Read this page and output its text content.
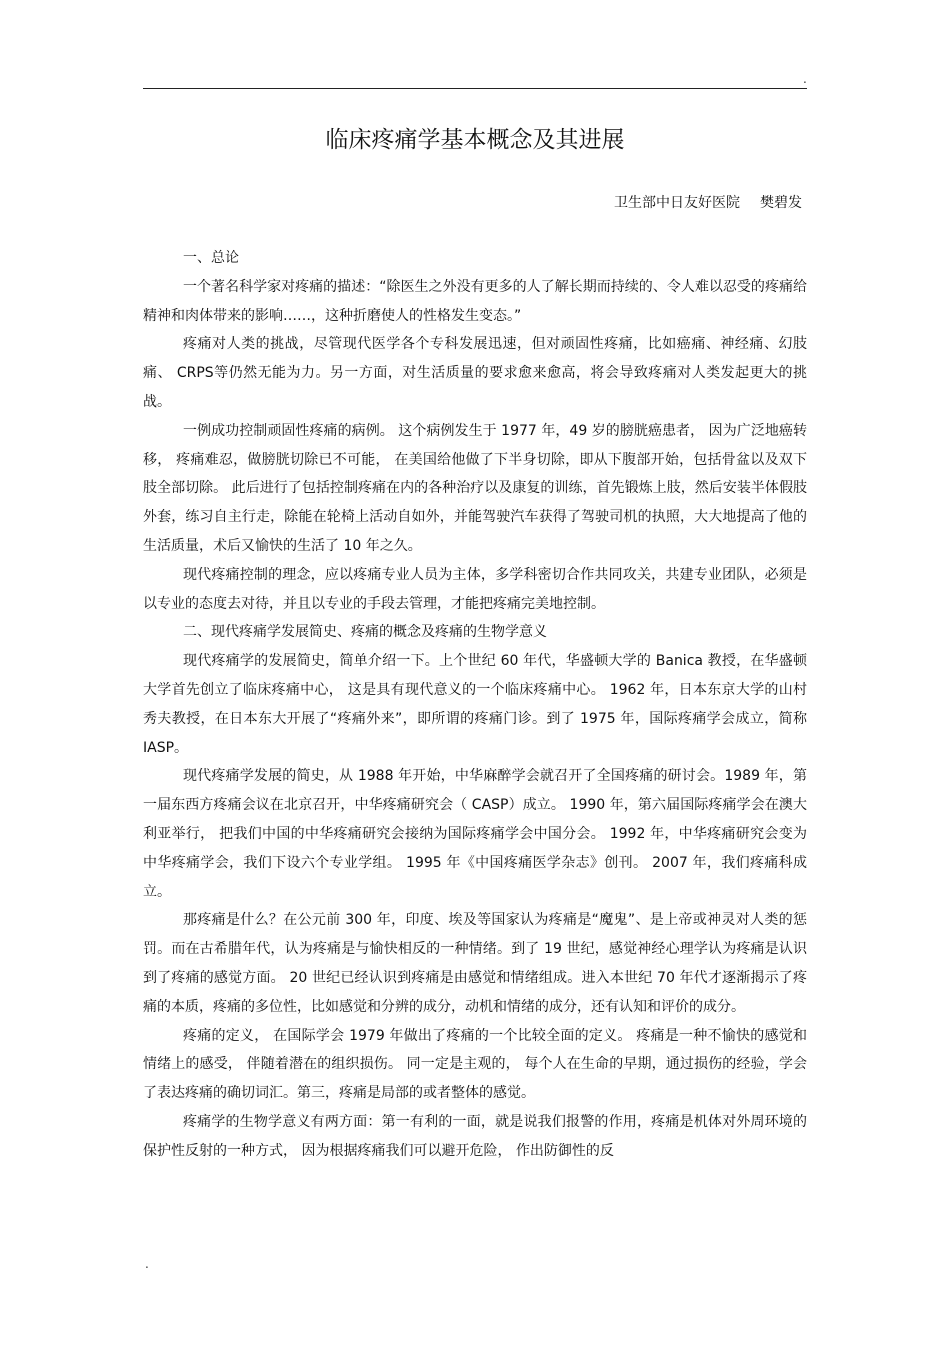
.
临床疼痛学基本概念及其进展
卫生部中日友好医院 樊碧发

一、总论

一个著名科学家对疼痛的描述：“除医生之外没有更多的人了解长期而持续的、令人难以忍受的疼痛给精神和肉体带来的影响……，这种折磨使人的性格发生变态。”

疼痛对人类的挑战，尽管现代医学各个专科发展迅速，但对顽固性疼痛，比如癌痛、神经痛、幻肢痛、 CRPS等仍然无能为力。另一方面，对生活质量的要求愈来愈高，将会导致疼痛对人类发起更大的挑战。

一例成功控制顽固性疼痛的病例。 这个病例发生于 1977 年，49 岁的膀胱癌患者， 因为广泛地癌转移， 疼痛难忍，做膀胱切除已不可能， 在美国给他做了下半身切除，即从下腹部开始，包括骨盆以及双下肢全部切除。 此后进行了包括控制疼痛在内的各种治疗以及康复的训练，首先锻炼上肢，然后安装半体假肢外套，练习自主行走，除能在轮椅上活动自如外，并能驾驶汽车获得了驾驶司机的执照，大大地提高了他的生活质量，术后又愉快的生活了 10 年之久。

现代疼痛控制的理念，应以疼痛专业人员为主体，多学科密切合作共同攻关，共建专业团队，必须是以专业的态度去对待，并且以专业的手段去管理，才能把疼痛完美地控制。

二、现代疼痛学发展简史、疼痛的概念及疼痛的生物学意义

现代疼痛学的发展简史，简单介绍一下。上个世纪 60 年代，华盛顿大学的 Banica 教授，在华盛顿大学首先创立了临床疼痛中心， 这是具有现代意义的一个临床疼痛中心。 1962 年，日本东京大学的山村秀夫教授，在日本东大开展了“疼痛外来”，即所谓的疼痛门诊。到了 1975 年，国际疼痛学会成立，简称 IASP。

现代疼痛学发展的简史，从 1988 年开始，中华麻醉学会就召开了全国疼痛的研讨会。1989 年，第一届东西方疼痛会议在北京召开，中华疼痛研究会（ CASP）成立。 1990 年，第六届国际疼痛学会在澳大利亚举行， 把我们中国的中华疼痛研究会接纳为国际疼痛学会中国分会。 1992 年，中华疼痛研究会变为中华疼痛学会，我们下设六个专业学组。 1995 年《中国疼痛医学杂志》创刊。 2007 年，我们疼痛科成立。

那疼痛是什么？在公元前 300 年，印度、埃及等国家认为疼痛是“魔鬼”、是上帝或神灵对人类的惩罚。而在古希腊年代，认为疼痛是与愉快相反的一种情绪。到了 19 世纪，感觉神经心理学认为疼痛是认识到了疼痛的感觉方面。 20 世纪已经认识到疼痛是由感觉和情绪组成。进入本世纪 70 年代才逐渐揭示了疼痛的本质，疼痛的多位性，比如感觉和分辨的成分，动机和情绪的成分，还有认知和评价的成分。

疼痛的定义， 在国际学会 1979 年做出了疼痛的一个比较全面的定义。 疼痛是一种不愉快的感觉和情绪上的感受， 伴随着潜在的组织损伤。 同一定是主观的， 每个人在生命的早期，通过损伤的经验，学会了表达疼痛的确切词汇。第三，疼痛是局部的或者整体的感觉。

疼痛学的生物学意义有两方面：第一有利的一面，就是说我们报警的作用，疼痛是机体对外周环境的保护性反射的一种方式， 因为根据疼痛我们可以避开危险， 作出防御性的反

.
